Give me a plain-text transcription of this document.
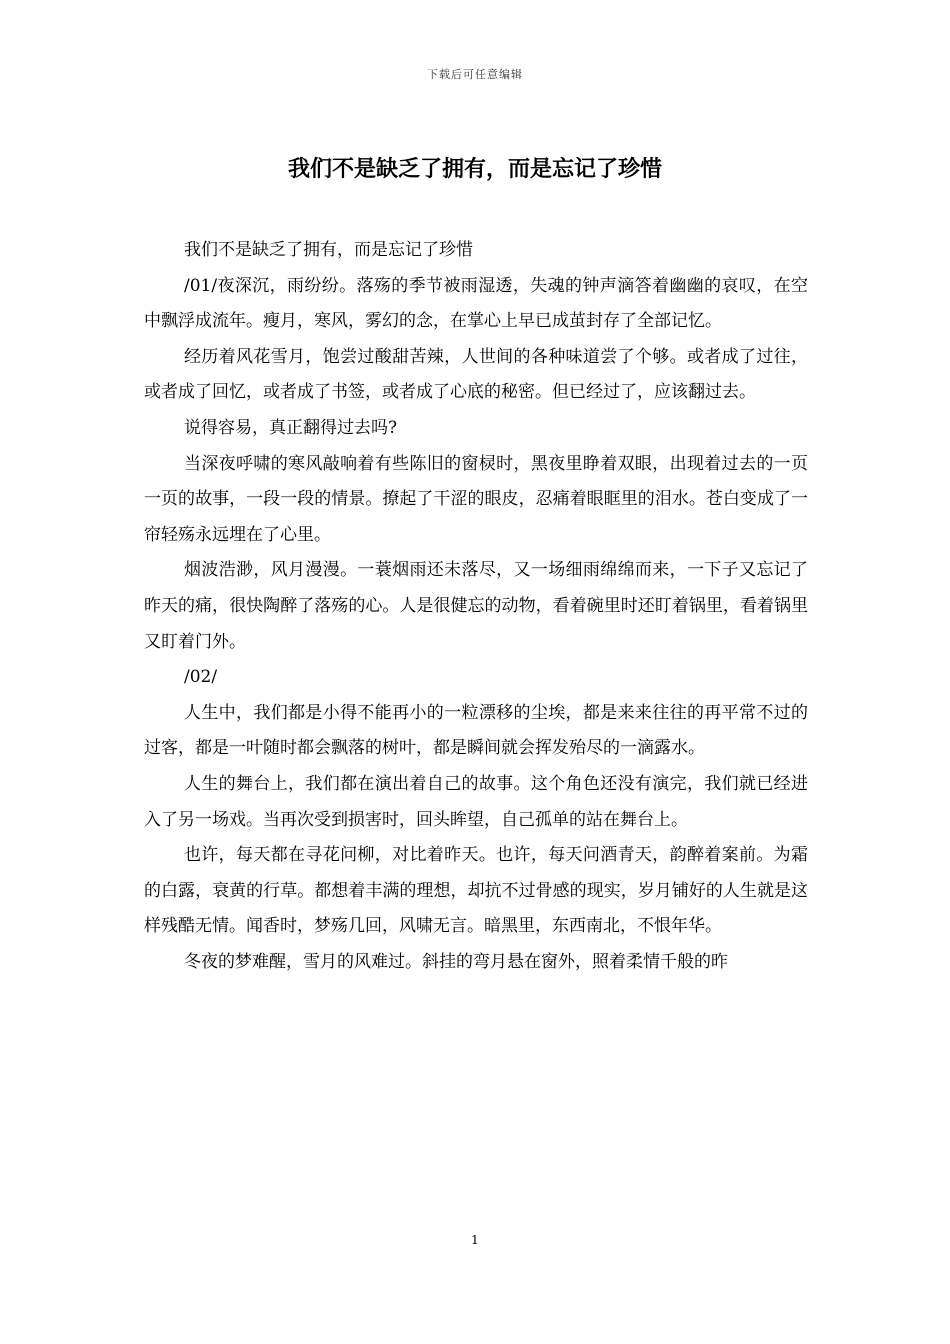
下载后可任意编辑
我们不是缺乏了拥有，而是忘记了珍惜

我们不是缺乏了拥有，而是忘记了珍惜

/01/夜深沉，雨纷纷。落殇的季节被雨湿透，失魂的钟声滴答着幽幽的哀叹，在空中飘浮成流年。瘦月，寒风，雾幻的念，在掌心上早已成茧封存了全部记忆。

经历着风花雪月，饱尝过酸甜苦辣，人世间的各种味道尝了个够。或者成了过往，或者成了回忆，或者成了书签，或者成了心底的秘密。但已经过了，应该翻过去。

说得容易，真正翻得过去吗?

当深夜呼啸的寒风敲响着有些陈旧的窗棂时，黑夜里睁着双眼，出现着过去的一页一页的故事，一段一段的情景。撩起了干涩的眼皮，忍痛着眼眶里的泪水。苍白变成了一帘轻殇永远埋在了心里。

烟波浩渺，风月漫漫。一蓑烟雨还未落尽，又一场细雨绵绵而来，一下子又忘记了昨天的痛，很快陶醉了落殇的心。人是很健忘的动物，看着碗里时还盯着锅里，看着锅里又盯着门外。

/02/

人生中，我们都是小得不能再小的一粒漂移的尘埃，都是来来往往的再平常不过的过客，都是一叶随时都会飘落的树叶，都是瞬间就会挥发殆尽的一滴露水。

人生的舞台上，我们都在演出着自己的故事。这个角色还没有演完，我们就已经进入了另一场戏。当再次受到损害时，回头眸望，自己孤单的站在舞台上。

也许，每天都在寻花问柳，对比着昨天。也许，每天问酒青天，韵醉着案前。为霜的白露，衰黄的行草。都想着丰满的理想，却抗不过骨感的现实，岁月铺好的人生就是这样残酷无情。闻香时，梦殇几回，风啸无言。暗黑里，东西南北，不恨年华。

冬夜的梦难醒，雪月的风难过。斜挂的弯月悬在窗外，照着柔情千般的昨

1
